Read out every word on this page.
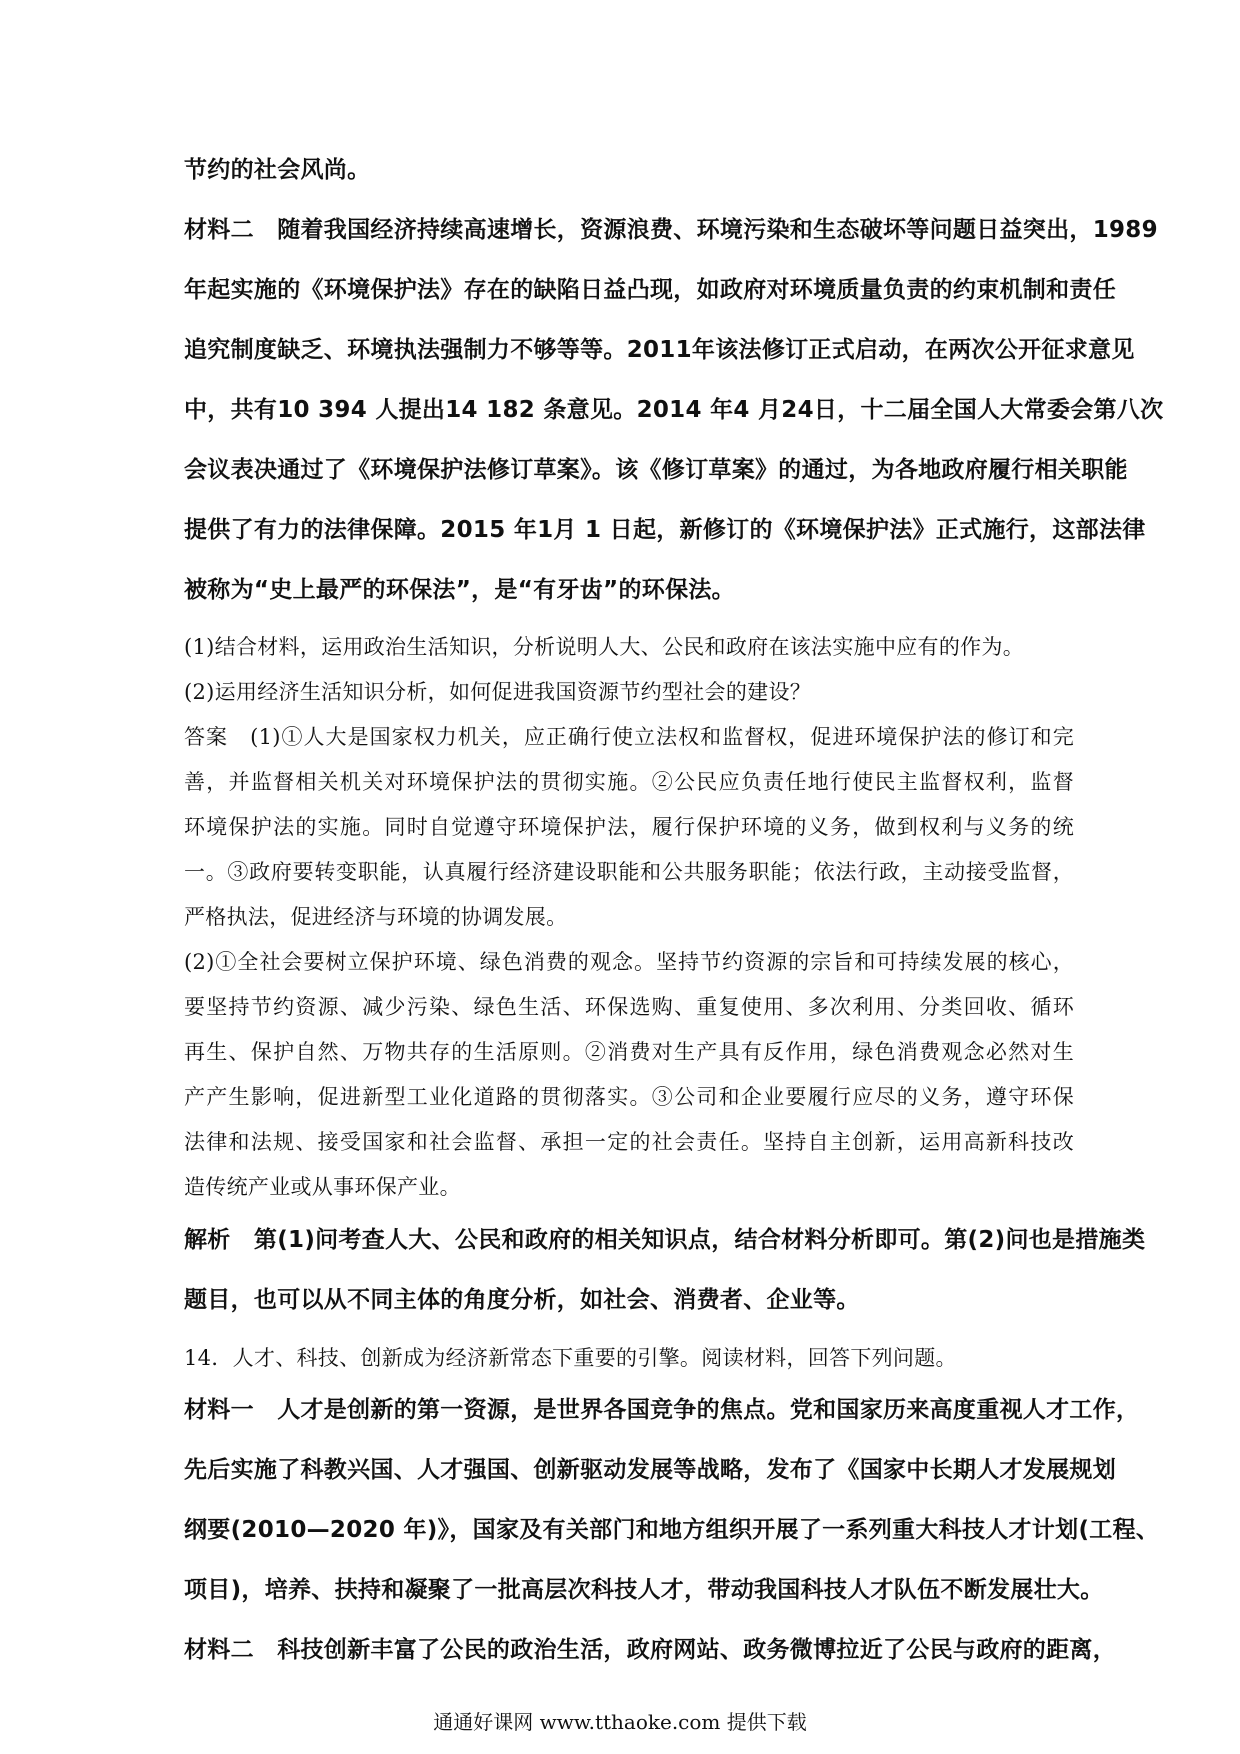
节约的社会风尚。
材料二　随着我国经济持续高速增长，资源浪费、环境污染和生态破坏等问题日益突出，1989
年起实施的《环境保护法》存在的缺陷日益凸现，如政府对环境质量负责的约束机制和责任
追究制度缺乏、环境执法强制力不够等等。2011年该法修订正式启动，在两次公开征求意见
中，共有10 394 人提出14 182 条意见。2014 年4 月24日，十二届全国人大常委会第八次
会议表决通过了《环境保护法修订草案》。该《修订草案》的通过，为各地政府履行相关职能
提供了有力的法律保障。2015 年1月 1 日起，新修订的《环境保护法》正式施行，这部法律
被称为“史上最严的环保法”，是“有牙齿”的环保法。
(1)结合材料，运用政治生活知识，分析说明人大、公民和政府在该法实施中应有的作为。
(2)运用经济生活知识分析，如何促进我国资源节约型社会的建设？
答案　(1)①人大是国家权力机关，应正确行使立法权和监督权，促进环境保护法的修订和完
善，并监督相关机关对环境保护法的贯彻实施。②公民应负责任地行使民主监督权利，监督
环境保护法的实施。同时自觉遵守环境保护法，履行保护环境的义务，做到权利与义务的统
一。③政府要转变职能，认真履行经济建设职能和公共服务职能；依法行政，主动接受监督，
严格执法，促进经济与环境的协调发展。
(2)①全社会要树立保护环境、绿色消费的观念。坚持节约资源的宗旨和可持续发展的核心，
要坚持节约资源、减少污染、绿色生活、环保选购、重复使用、多次利用、分类回收、循环
再生、保护自然、万物共存的生活原则。②消费对生产具有反作用，绿色消费观念必然对生
产产生影响，促进新型工业化道路的贯彻落实。③公司和企业要履行应尽的义务，遵守环保
法律和法规、接受国家和社会监督、承担一定的社会责任。坚持自主创新，运用高新科技改
造传统产业或从事环保产业。
解析　第(1)问考查人大、公民和政府的相关知识点，结合材料分析即可。第(2)问也是措施类
题目，也可以从不同主体的角度分析，如社会、消费者、企业等。
14．人才、科技、创新成为经济新常态下重要的引擎。阅读材料，回答下列问题。
材料一　人才是创新的第一资源，是世界各国竞争的焦点。党和国家历来高度重视人才工作，
先后实施了科教兴国、人才强国、创新驱动发展等战略，发布了《国家中长期人才发展规划
纲要(2010—2020 年)》，国家及有关部门和地方组织开展了一系列重大科技人才计划(工程、
项目)，培养、扶持和凝聚了一批高层次科技人才，带动我国科技人才队伍不断发展壮大。
材料二　科技创新丰富了公民的政治生活，政府网站、政务微博拉近了公民与政府的距离，
通通好课网 www.tthaoke.com 提供下载
